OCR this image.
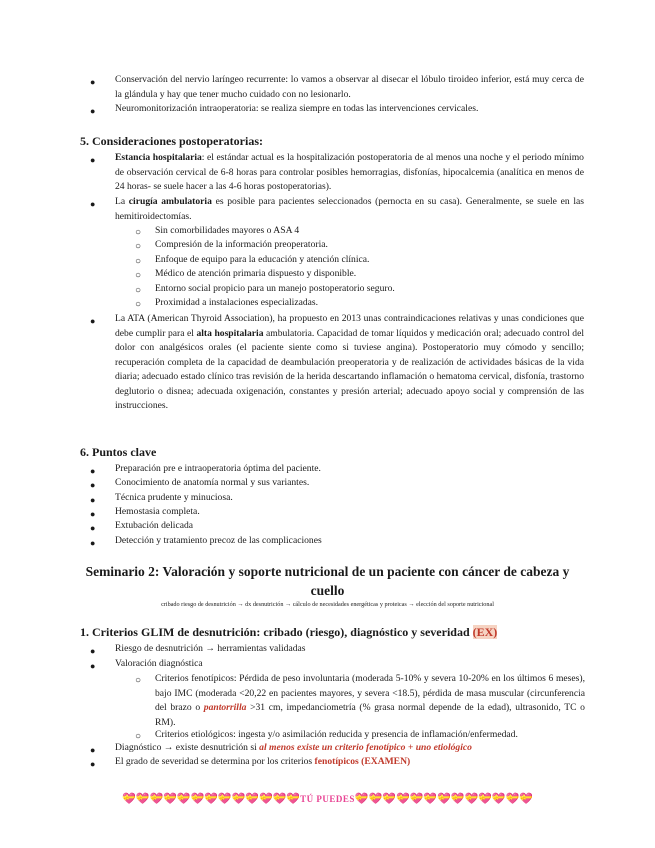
● Conservación del nervio laríngeo recurrente: lo vamos a observar al disecar el lóbulo tiroideo inferior, está muy cerca de la glándula y hay que tener mucho cuidado con no lesionarlo.
● Neuromonitorización intraoperatoria: se realiza siempre en todas las intervenciones cervicales.
5. Consideraciones postoperatorias:
● Estancia hospitalaria: el estándar actual es la hospitalización postoperatoria de al menos una noche y el periodo mínimo de observación cervical de 6-8 horas para controlar posibles hemorragias, disfonías, hipocalcemia (analítica en menos de 24 horas- se suele hacer a las 4-6 horas postoperatorias).
● La cirugía ambulatoria es posible para pacientes seleccionados (pernocta en su casa). Generalmente, se suele en las hemitiroidectomías.
○ Sin comorbilidades mayores o ASA 4
○ Compresión de la información preoperatoria.
○ Enfoque de equipo para la educación y atención clínica.
○ Médico de atención primaria dispuesto y disponible.
○ Entorno social propicio para un manejo postoperatorio seguro.
○ Proximidad a instalaciones especializadas.
● La ATA (American Thyroid Association), ha propuesto en 2013 unas contraindicaciones relativas y unas condiciones que debe cumplir para el alta hospitalaria ambulatoria. Capacidad de tomar líquidos y medicación oral; adecuado control del dolor con analgésicos orales (el paciente siente como si tuviese angina). Postoperatorio muy cómodo y sencillo; recuperación completa de la capacidad de deambulación preoperatoria y de realización de actividades básicas de la vida diaria; adecuado estado clínico tras revisión de la herida descartando inflamación o hematoma cervical, disfonía, trastorno deglutorio o disnea; adecuada oxigenación, constantes y presión arterial; adecuado apoyo social y comprensión de las instrucciones.
6. Puntos clave
● Preparación pre e intraoperatoria óptima del paciente.
● Conocimiento de anatomía normal y sus variantes.
● Técnica prudente y minuciosa.
● Hemostasia completa.
● Extubación delicada
● Detección y tratamiento precoz de las complicaciones
Seminario 2: Valoración y soporte nutricional de un paciente con cáncer de cabeza y cuello
cribado riesgo de desnutrición → dx desnutrición → cálculo de necesidades energéticas y proteicas → elección del soporte nutricional
1. Criterios GLIM de desnutrición: cribado (riesgo), diagnóstico y severidad (EX)
● Riesgo de desnutrición → herramientas validadas
● Valoración diagnóstica
○ Criterios fenotípicos: Pérdida de peso involuntaria (moderada 5-10% y severa 10-20% en los últimos 6 meses), bajo IMC (moderada <20,22 en pacientes mayores, y severa <18.5), pérdida de masa muscular (circunferencia del brazo o pantorrilla >31 cm, impedanciometría (% grasa normal depende de la edad), ultrasonido, TC o RM).
○ Criterios etiológicos: ingesta y/o asimilación reducida y presencia de inflamación/enfermedad.
● Diagnóstico → existe desnutrición si al menos existe un criterio fenotípico + uno etiológico
● El grado de severidad se determina por los criterios fenotípicos (EXAMEN)
💝💝💝💝💝💝💝💝💝💝💝💝💝TÚ PUEDES💝💝💝💝💝💝💝💝💝💝💝💝💝
